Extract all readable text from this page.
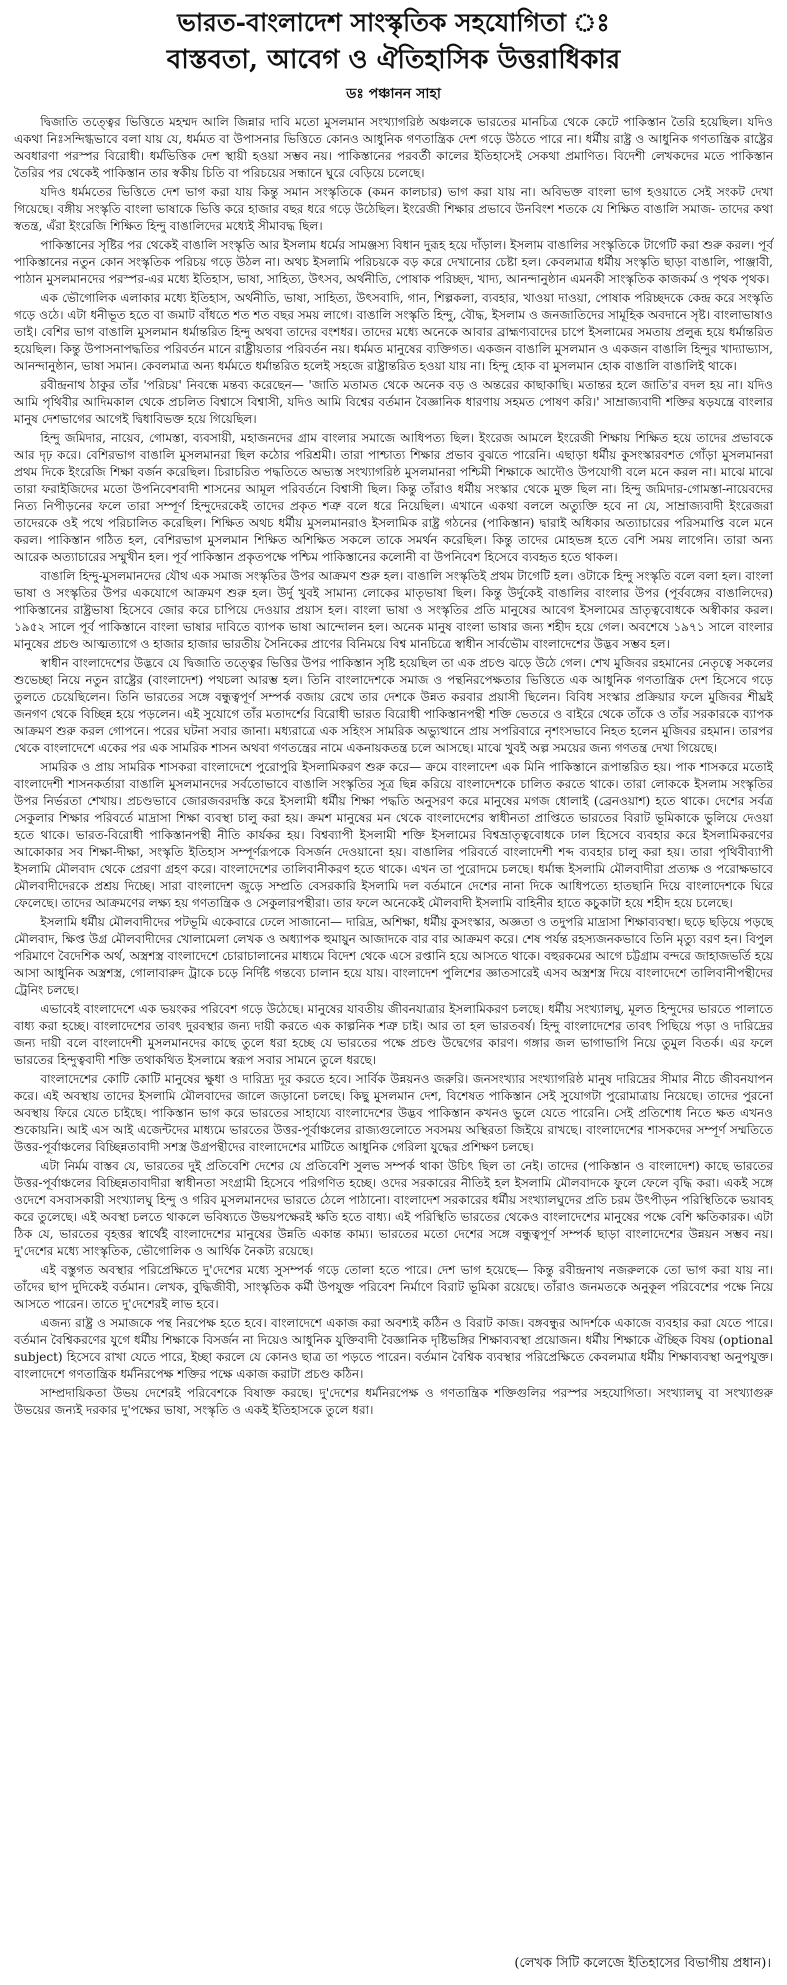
ভারত-বাংলাদেশ সাংস্কৃতিক সহযোগিতা ঃ
বাস্তবতা, আবেগ ও ঐতিহাসিক উত্তরাধিকার
ডঃ পঞ্চানন সাহা

দ্বিজাতি তত্ত্বের ভিত্তিতে মহম্মদ আলি জিন্নার দাবি মতো মুসলমান সংখ্যাগরিষ্ঠ অঞ্চলকে ভারতের মানচিত্র থেকে কেটে পাকিস্তান তৈরি হয়েছিল। যদিও একথা নিঃসন্দিগ্ধভাবে বলা যায় যে, ধর্মমত বা উপাসনার ভিত্তিতে কোনও আধুনিক গণতান্ত্রিক দেশ গড়ে উঠতে পারে না। ধর্মীয় রাষ্ট্র ও আধুনিক গণতান্ত্রিক রাষ্ট্রের অবধারণা পরস্পর বিরোধী। ধর্মভিত্তিক দেশ স্থায়ী হওয়া সম্ভব নয়। পাকিস্তানের পরবর্তী কালের ইতিহাসেই সেকথা প্রমাণিত। বিদেশী লেখকদের মতে পাকিস্তান তৈরির পর থেকেই পাকিস্তান তার স্বকীয় চিতি বা পরিচয়ের সন্ধানে ঘুরে বেড়িয়ে চলেছে।

যদিও ধর্মমতের ভিত্তিতে দেশ ভাগ করা যায় কিন্তু সমান সংস্কৃতিকে (কমন কালচার) ভাগ করা যায় না। অবিভক্ত বাংলা ভাগ হওয়াতে সেই সংকট দেখা গিয়েছে। বঙ্গীয় সংস্কৃতি বাংলা ভাষাকে ভিত্তি করে হাজার বছর ধরে গড়ে উঠেছিল। ইংরেজী শিক্ষার প্রভাবে উনবিংশ শতকে যে শিক্ষিত বাঙালি সমাজ- তাদের কথা স্বতন্ত্র, এঁরা ইংরেজি শিক্ষিত হিন্দু বাঙালিদের মধ্যেই সীমাবদ্ধ ছিল।

পাকিস্তানের সৃষ্টির পর থেকেই বাঙালি সংস্কৃতি আর ইসলাম ধর্মের সামঞ্জস্য বিধান দুরূহ হয়ে দাঁড়াল। ইসলাম বাঙালির সংস্কৃতিকে টাগেটি করা শুরু করল। পূর্ব পাকিস্তানের নতুন কোন সংস্কৃতিক পরিচয় গড়ে উঠল না। অথচ ইসলামি পরিচয়কে বড় করে দেখানোর চেষ্টা হল। কেবলমাত্র ধর্মীয় সংস্কৃতি ছাড়া বাঙালি, পাঞ্জাবী, পাঠান মুসলমানদের পরস্পর-এর মধ্যে ইতিহাস, ভাষা, সাহিত্য, উৎসব, অর্থনীতি, পোষাক পরিচ্ছদ, খাদ্য, আনন্দানুষ্ঠান এমনকী সাংস্কৃতিক কাজকর্ম ও পৃথক পৃথক।

এক ভৌগোলিক এলাকার মধ্যে ইতিহাস, অর্থনীতি, ভাষা, সাহিত্য, উৎসবাদি, গান, শিল্পকলা, ব্যবহার, খাওয়া দাওয়া, পোষাক পরিচ্ছদকে কেন্দ্র করে সংস্কৃতি গড়ে ওঠে। এটা ধনীভূত হতে বা জমাট বাঁধতে শত শত বছর সময় লাগে। বাঙালি সংস্কৃতি হিন্দু, বৌদ্ধ, ইসলাম ও জনজাতিদের সামূহিক অবদানে সৃষ্ট। বাংলাভাষাও তাই। বেশির ভাগ বাঙালি মুসলমান ধর্মান্তরিত হিন্দু অথবা তাদের বংশধর। তাদের মধ্যে অনেকে আবার ব্রাহ্মণ্যবাদের চাপে ইসলামের সমতায় প্রলুব্ধ হয়ে ধর্মান্তরিত হয়েছিল। কিন্তু উপাসনাপদ্ধতির পরিবর্তন মানে রাষ্ট্রীয়তার পরিবর্তন নয়। ধর্মমত মানুষের ব্যক্তিগত। একজন বাঙালি মুসলমান ও একজন বাঙালি হিন্দুর খাদ্যাভ্যাস, আনন্দানুষ্ঠান, ভাষা সমান। কেবলমাত্র অন্য ধর্মমতে ধর্মান্তরিত হলেই সহজে রাষ্ট্রান্তরিত হওয়া যায় না। হিন্দু হোক বা মুসলমান হোক বাঙালি বাঙালিই থাকে।

রবীন্দ্রনাথ ঠাকুর তাঁর 'পরিচয়' নিবন্ধে মন্তব্য করেছেন— 'জাতি মতামত থেকে অনেক বড় ও অন্তরের কাছাকাছি। মতান্তর হলে জাতি'র বদল হয় না। যদিও আমি পৃথিবীর আদিমকাল থেকে প্রচলিত বিশ্বাসে বিশ্বাসী, যদিও আমি বিশ্বের বর্তমান বৈজ্ঞানিক ধারণায় সহমত পোষণ করি।' সাম্রাজ্যবাদী শক্তির ষড়যন্ত্রে বাংলার মানুষ দেশভাগের আগেই দ্বিধাবিভক্ত হয়ে গিয়েছিল।

হিন্দু জমিদার, নায়েব, গোমস্তা, ব্যবসায়ী, মহাজনদের গ্রাম বাংলার সমাজে আধিপত্য ছিল। ইংরেজ আমলে ইংরেজী শিক্ষায় শিক্ষিত হয়ে তাদের প্রভাবকে আর দৃঢ় করে। বেশিরভাগ বাঙালি মুসলমানরা ছিল কঠোর পরিশ্রমী। তারা পাশ্চাত্য শিক্ষার প্রভাব বুঝতে পারেনি। এছাড়া ধর্মীয় কুসংস্কারবশত গোঁড়া মুসলমানরা প্রথম দিকে ইংরেজি শিক্ষা বর্জন করেছিল। চিরাচরিত পদ্ধতিতে অভ্যস্ত সংখ্যাগরিষ্ঠ মুসলমানরা পশ্চিমী শিক্ষাকে আদৌও উপযোগী বলে মনে করল না। মাঝে মাঝে তারা ফরাইজিদের মতো উপনিবেশবাদী শাসনের আমূল পরিবর্তনে বিশ্বাসী ছিল। কিন্তু তাঁরাও ধর্মীয় সংস্কার থেকে মুক্ত ছিল না। হিন্দু জমিদার-গোমস্তা-নায়েবদের নিত্য নিপীড়নের ফলে তারা সম্পূর্ণ হিন্দুদেরকেই তাদের প্রকৃত শত্রু বলে ধরে নিয়েছিল। এখানে একথা বললে অত্যুক্তি হবে না যে, সাম্রাজ্যবাদী ইংরেজরা তাদেরকে ওই পথে পরিচালিত করেছিল। শিক্ষিত অথচ ধর্মীয় মুসলমানরাও ইসলামিক রাষ্ট্র গঠনের (পাকিস্তান) দ্বারাই অধিকার অত্যাচারের পরিসমাপ্তি বলে মনে করল। পাকিস্তান গঠিত হল, বেশিরভাগ মুসলমান শিক্ষিত অশিক্ষিত সকলে তাকে সমর্থন করেছিল। কিন্তু তাদের মোহভঙ্গ হতে বেশি সময় লাগেনি। তারা অন্য আরেক অত্যাচারের সম্মুখীন হল। পূর্ব পাকিস্তান প্রকৃতপক্ষে পশ্চিম পাকিস্তানের কলোনী বা উপনিবেশ হিসেবে ব্যবহৃত হতে থাকল।

বাঙালি হিন্দু-মুসলমানদের যৌথ এক সমাজ সংস্কৃতির উপর আক্রমণ শুরু হল। বাঙালি সংস্কৃতিই প্রথম টাগেটি হল। ওটাকে হিন্দু সংস্কৃতি বলে বলা হল। বাংলা ভাষা ও সংস্কৃতির উপর একযোগে আক্রমণ শুরু হল। উর্দু খুবই সামান্য লোকের মাতৃভাষা ছিল। কিন্তু উর্দুকেই বাঙালির বাংলার উপর (পূর্ববঙ্গের বাঙালিদের) পাকিস্তানের রাষ্ট্রভাষা হিসেবে জোর করে চাপিয়ে দেওয়ার প্রয়াস হল। বাংলা ভাষা ও সংস্কৃতির প্রতি মানুষের আবেগ ইসলামের ভ্রাতৃত্ববোধকে অস্বীকার করল। ১৯৫২ সালে পূর্ব পাকিস্তানে বাংলা ভাষার দাবিতে ব্যাপক ভাষা আন্দোলন হল। অনেক মানুষ বাংলা ভাষার জন্য শহীদ হয়ে গেল। অবশেষে ১৯৭১ সালে বাংলার মানুষের প্রচণ্ড আত্মত্যাগে ও হাজার হাজার ভারতীয় সৈনিকের প্রাণের বিনিময়ে বিশ্ব মানচিত্রে স্বাধীন সার্বভৌম বাংলাদেশের উদ্ভব সম্ভব হল।

স্বাধীন বাংলাদেশের উদ্ভবে যে দ্বিজাতি তত্ত্বের ভিত্তির উপর পাকিস্তান সৃষ্টি হয়েছিল তা এক প্রচণ্ড ঝড়ে উঠে গেল। শেখ মুজিবর রহমানের নেতৃত্বে সকলের শুভেচ্ছা নিয়ে নতুন রাষ্ট্রের (বাংলাদেশ) পথচলা আরম্ভ হল। তিনি বাংলাদেশকে সমাজ ও পন্থনিরপেক্ষতার ভিত্তিতে এক আধুনিক গণতান্ত্রিক দেশ হিসেবে গড়ে তুলতে চেয়েছিলেন। তিনি ভারতের সঙ্গে বন্ধুত্বপূর্ণ সম্পর্ক বজায় রেখে তার দেশকে উন্নত করবার প্রয়াসী ছিলেন। বিবিধ সংস্কার প্রক্রিয়ার ফলে মুজিবর শীঘ্রই জনগণ থেকে বিচ্ছিন্ন হয়ে পড়লেন। এই সুযোগে তাঁর মতাদর্শের বিরোধী ভারত বিরোধী পাকিস্তানপন্থী শক্তি ভেতরে ও বাইরে থেকে তাঁকে ও তাঁর সরকারকে ব্যাপক আক্রমণ শুরু করল গোপনে। পরের ঘটনা সবার জানা। মধ্যরাত্রে এক সহিংস সামরিক অভ্যুত্থানে প্রায় সপরিবারে নৃশংসভাবে নিহত হলেন মুজিবর রহমান। তারপর থেকে বাংলাদেশে একের পর এক সামরিক শাসন অথবা গণতন্ত্রের নামে একনায়কতন্ত্র চলে আসছে। মাঝে খুবই অল্প সময়ের জন্য গণতন্ত্র দেখা গিয়েছে।

সামরিক ও প্রায় সামরিক শাসকরা বাংলাদেশে পুরোপুরি ইসলামিকরণ শুরু করে— ক্রমে বাংলাদেশ এক মিনি পাকিস্তানে রূপান্তরিত হয়। পাক শাসকরে মতোই বাংলাদেশী শাসনকর্তারা বাঙালি মুসলমানদের সর্বতোভাবে বাঙালি সংস্কৃতির সূত্র ছিন্ন করিয়ে বাংলাদেশকে চালিত করতে থাকে। তারা লোককে ইসলাম সংস্কৃতির উপর নির্ভরতা শেখায়। প্রচণ্ডভাবে জোরজবরদস্তি করে ইসলামী ধর্মীয় শিক্ষা পদ্ধতি অনুসরণ করে মানুষের মগজ ধোলাই (ব্রেনওয়াশ) হতে থাকে। দেশের সর্বত্র সেকুলার শিক্ষার পরিবর্তে মাদ্রাসা শিক্ষা ব্যবস্থা চালু করা হয়। ক্রমশ মানুষের মন থেকে বাংলাদেশের স্বাধীনতা প্রাপ্তিতে ভারতের বিরাট ভূমিকাকে ভুলিয়ে দেওয়া হতে থাকে। ভারত-বিরোধী পাকিস্তানপন্থী নীতি কার্যকর হয়। বিশ্বব্যাপী ইসলামী শক্তি ইসলামের বিশ্বভ্রাতৃত্ববোধকে ঢাল হিসেবে ব্যবহার করে ইসলামিকরণের আকোকার সব শিক্ষা-দীক্ষা, সংস্কৃতি ইতিহাস সম্পূর্ণরূপকে বিসর্জন দেওয়ানো হয়। বাঙালির পরিবর্তে বাংলাদেশী শব্দ ব্যবহার চালু করা হয়। তারা পৃথিবীব্যাপী ইসলামি মৌলবাদ থেকে প্রেরণা গ্রহণ করে। বাংলাদেশের তালিবানীকরণ হতে থাকে। এখন তা পুরোদমে চলছে। ধর্মান্ধ ইসলামি মৌলবাদীরা প্রত্যক্ষ ও পরোক্ষভাবে মৌলবাদীদেরকে প্রশ্রয় দিচ্ছে। সারা বাংলাদেশ জুড়ে সম্প্রতি বেসরকারি ইসলামি দল বর্তমানে দেশের নানা দিকে আধিপত্যে হাতছানি দিয়ে বাংলাদেশকে ঘিরে ফেলেছে। তাদের আক্রমণের লক্ষ্য হয় গণতান্ত্রিক ও সেকুলারপন্থীরা। তার ফলে অনেকেই মৌলবাদী ইসলামি বাহিনীর হাতে কচুকাটা হয়ে শহীদ হয়ে চলেছে।

ইসলামি ধর্মীয় মৌলবাদীদের পটভূমি একেবারে ঢেলে সাজানো— দারিদ্র, অশিক্ষা, ধর্মীয় কুসংস্কার, অজ্ঞতা ও তদুপরি মাদ্রাসা শিক্ষাব্যবস্থা। ছড়ে ছড়িয়ে পড়ছে মৌলবাদ, ক্ষিপ্ত উগ্র মৌলবাদীদের খোলামেলা লেখক ও অধ্যাপক হুমায়ুন আজাদকে বার বার আক্রমণ করে। শেষ পর্যন্ত রহস্যজনকভাবে তিনি মৃত্যু বরণ হন। বিপুল পরিমাণে বৈদেশিক অর্থ, অস্ত্রশস্ত্র বাংলাদেশে চোরাচালানের মাধ্যমে বিদেশ থেকে এসে রপ্তানি হয়ে আসতে থাকে। বহুরকমের আগে চট্টগ্রাম বন্দরে জাহাজভর্তি হয়ে আসা আধুনিক অস্ত্রশস্ত্র, গোলাবারুদ ট্রাকে চড়ে নির্দিষ্ট গন্তব্যে চালান হয়ে যায়। বাংলাদেশ পুলিশের জ্ঞাতসারেই এসব অস্ত্রশস্ত্র দিয়ে বাংলাদেশে তালিবানীপন্থীদের ট্রেনিং চলছে।

এভাবেই বাংলাদেশে এক ভয়ংকর পরিবেশ গড়ে উঠেছে। মানুষের যাবতীয় জীবনযাত্রার ইসলামিকরণ চলছে। ধর্মীয় সংখ্যালঘু, মূলত হিন্দুদের ভারতে পালাতে বাধ্য করা হচ্ছে। বাংলাদেশের তাবৎ দুরবস্থার জন্য দায়ী করতে এক কাল্পনিক শত্রু চাই। আর তা হল ভারতবর্ষ। হিন্দু বাংলাদেশের তাবৎ পিছিয়ে পড়া ও দারিদ্রের জন্য দায়ী বলে বাংলাদেশী মুসলমানদের কাছে তুলে ধরা হচ্ছে যে ভারতের পক্ষে প্রচণ্ড উদ্বেগের কারণ। গঙ্গার জল ভাগাভাগি নিয়ে তুমুল বিতর্ক। এর ফলে ভারতের হিন্দুত্ববাদী শক্তি তথাকথিত ইসলামে স্বরূপ সবার সামনে তুলে ধরছে।

বাংলাদেশের কোটি কোটি মানুষের ক্ষুধা ও দারিদ্র্য দূর করতে হবে। সার্বিক উন্নয়নও জরুরি। জনসংখ্যার সংখ্যাগরিষ্ঠ মানুষ দারিদ্রের সীমার নীচে জীবনযাপন করে। এই অবস্থায় তাদের ইসলামি মৌলবাদের জালে জড়ানো চলছে। কিছু মুসলমান দেশ, বিশেষত পাকিস্তান সেই সুযোগটা পুরোমাত্রায় নিয়েছে। তাদের পুরনো অবস্থায় ফিরে যেতে চাইছে। পাকিস্তান ভাগ করে ভারতের সাহায্যে বাংলাদেশের উদ্ভব পাকিস্তান কখনও ভুলে যেতে পারেনি। সেই প্রতিশোধ নিতে ক্ষত এখনও শুকোয়নি। আই এস আই এজেন্টদের মাধ্যমে ভারতের উত্তর-পূর্বাঞ্চলের রাজ্যগুলোতে সবসময় অস্থিরতা জিইয়ে রাখছে। বাংলাদেশের শাসকদের সম্পূর্ণ সম্মতিতে উত্তর-পূর্বাঞ্চলের বিচ্ছিন্নতাবাদী সশস্ত্র উগ্রপন্থীদের বাংলাদেশের মাটিতে আধুনিক গেরিলা যুদ্ধের প্রশিক্ষণ চলছে।

এটা নির্মম বাস্তব যে, ভারতের দুই প্রতিবেশি দেশের যে প্রতিবেশি সুলভ সম্পর্ক থাকা উচিৎ ছিল তা নেই। তাদের (পাকিস্তান ও বাংলাদেশ) কাছে ভারতের উত্তর-পূর্বাঞ্চলের বিচ্ছিন্নতাবাদীরা স্বাধীনতা সংগ্রামী হিসেবে পরিগণিত হচ্ছে। ওদের সরকারের নীতিই হল ইসলামি মৌলবাদকে ফুলে ফেলে বৃদ্ধি করা। একই সঙ্গে ওদেশে বসবাসকারী সংখ্যালঘু হিন্দু ও গরিব মুসলমানদের ভারতে ঠেলে পাঠানো। বাংলাদেশ সরকারের ধর্মীয় সংখ্যালঘুদের প্রতি চরম উৎপীড়ন পরিস্থিতিকে ভয়াবহ করে তুলেছে। এই অবস্থা চলতে থাকলে ভবিষ্যতে উভয়পক্ষেরই ক্ষতি হতে বাধ্য। এই পরিস্থিতি ভারতের থেকেও বাংলাদেশের মানুষের পক্ষে বেশি ক্ষতিকারক। এটা ঠিক যে, ভারতের বৃহত্তর স্বার্থেই বাংলাদেশের মানুষের উন্নতি একান্ত কাম্য। ভারতের মতো দেশের সঙ্গে বন্ধুত্বপূর্ণ সম্পর্ক ছাড়া বাংলাদেশের উন্নয়ন সম্ভব নয়। দু'দেশের মধ্যে সাংস্কৃতিক, ভৌগোলিক ও আর্থিক নৈকট্য রয়েছে।

এই বস্তুগত অবস্থার পরিপ্রেক্ষিতে দু'দেশের মধ্যে সুসম্পর্ক গড়ে তোলা হতে পারে। দেশ ভাগ হয়েছে— কিন্তু রবীন্দ্রনাথ নজরুলকে তো ভাগ করা যায় না। তাঁদের ছাপ দুদিকেই বর্তমান। লেখক, বুদ্ধিজীবী, সাংস্কৃতিক কর্মী উপযুক্ত পরিবেশ নির্মাণে বিরাট ভূমিকা রয়েছে। তাঁরাও জনমতকে অনুকূল পরিবেশের পক্ষে নিয়ে আসতে পারেন। তাতে দু'দেশেরই লাভ হবে।

এজন্য রাষ্ট্র ও সমাজকে পন্থ নিরপেক্ষ হতে হবে। বাংলাদেশে একাজ করা অবশ্যই কঠিন ও বিরাট কাজ। বঙ্গবন্ধুর আদর্শকে একাজে ব্যবহার করা যেতে পারে। বর্তমান বৈশ্বিকরণের যুগে ধর্মীয় শিক্ষাকে বিসর্জন না দিয়েও আধুনিক যুক্তিবাদী বৈজ্ঞানিক দৃষ্টিভঙ্গির শিক্ষাব্যবস্থা প্রয়োজন। ধর্মীয় শিক্ষাকে ঐচ্ছিক বিষয় (optional subject) হিসেবে রাখা যেতে পারে, ইচ্ছা করলে যে কোনও ছাত্র তা পড়তে পারেন। বর্তমান বৈশ্বিক ব্যবস্থার পরিপ্রেক্ষিতে কেবলমাত্র ধর্মীয় শিক্ষাব্যবস্থা অনুপযুক্ত। বাংলাদেশে গণতান্ত্রিক ধর্মনিরপেক্ষ শক্তির পক্ষে একাজ করাটা প্রচণ্ড কঠিন।

সাম্প্রদায়িকতা উভয় দেশেরই পরিবেশকে বিষাক্ত করছে। দু'দেশের ধর্মনিরপেক্ষ ও গণতান্ত্রিক শক্তিগুলির পরস্পর সহযোগিতা। সংখ্যালঘু বা সংখ্যাগুরু উভয়ের জন্যই দরকার দু'পক্ষের ভাষা, সংস্কৃতি ও একই ইতিহাসকে তুলে ধরা।

(লেখক সিটি কলেজে ইতিহাসের বিভাগীয় প্রধান)।
